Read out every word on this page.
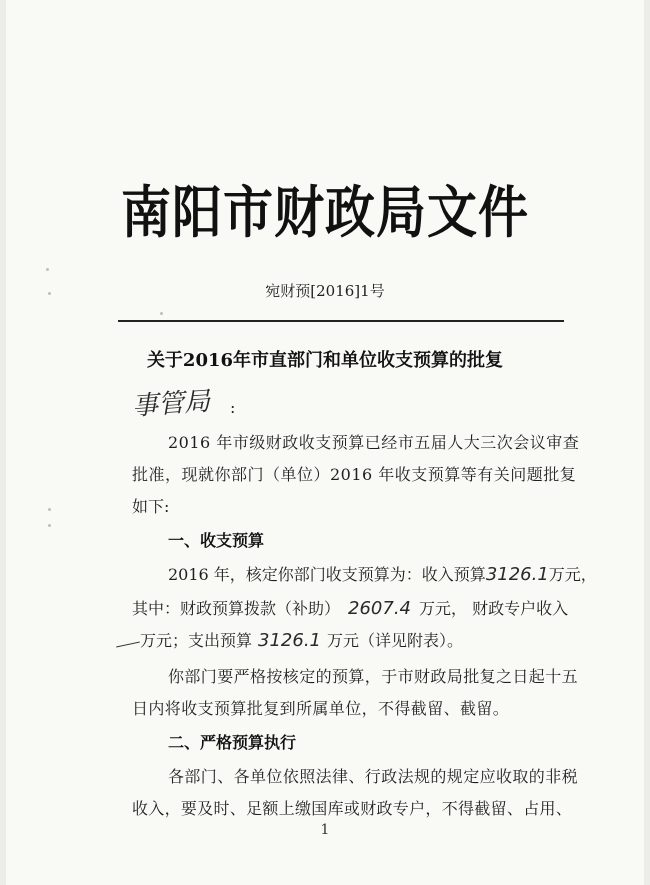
南阳市财政局文件
宛财预[2016]1号
关于2016年市直部门和单位收支预算的批复
事管局 :
2016 年市级财政收支预算已经市五届人大三次会议审查
批准，现就你部门（单位）2016 年收支预算等有关问题批复
如下:
一、收支预算
2016 年，核定你部门收支预算为：收入预算3126.1万元，
其中：财政预算拨款（补助） 2607.4 万元， 财政专户收入
万元；支出预算 3126.1 万元（详见附表）。
你部门要严格按核定的预算，于市财政局批复之日起十五
日内将收支预算批复到所属单位，不得截留、截留。
二、严格预算执行
各部门、各单位依照法律、行政法规的规定应收取的非税
收入，要及时、足额上缴国库或财政专户，不得截留、占用、
1
